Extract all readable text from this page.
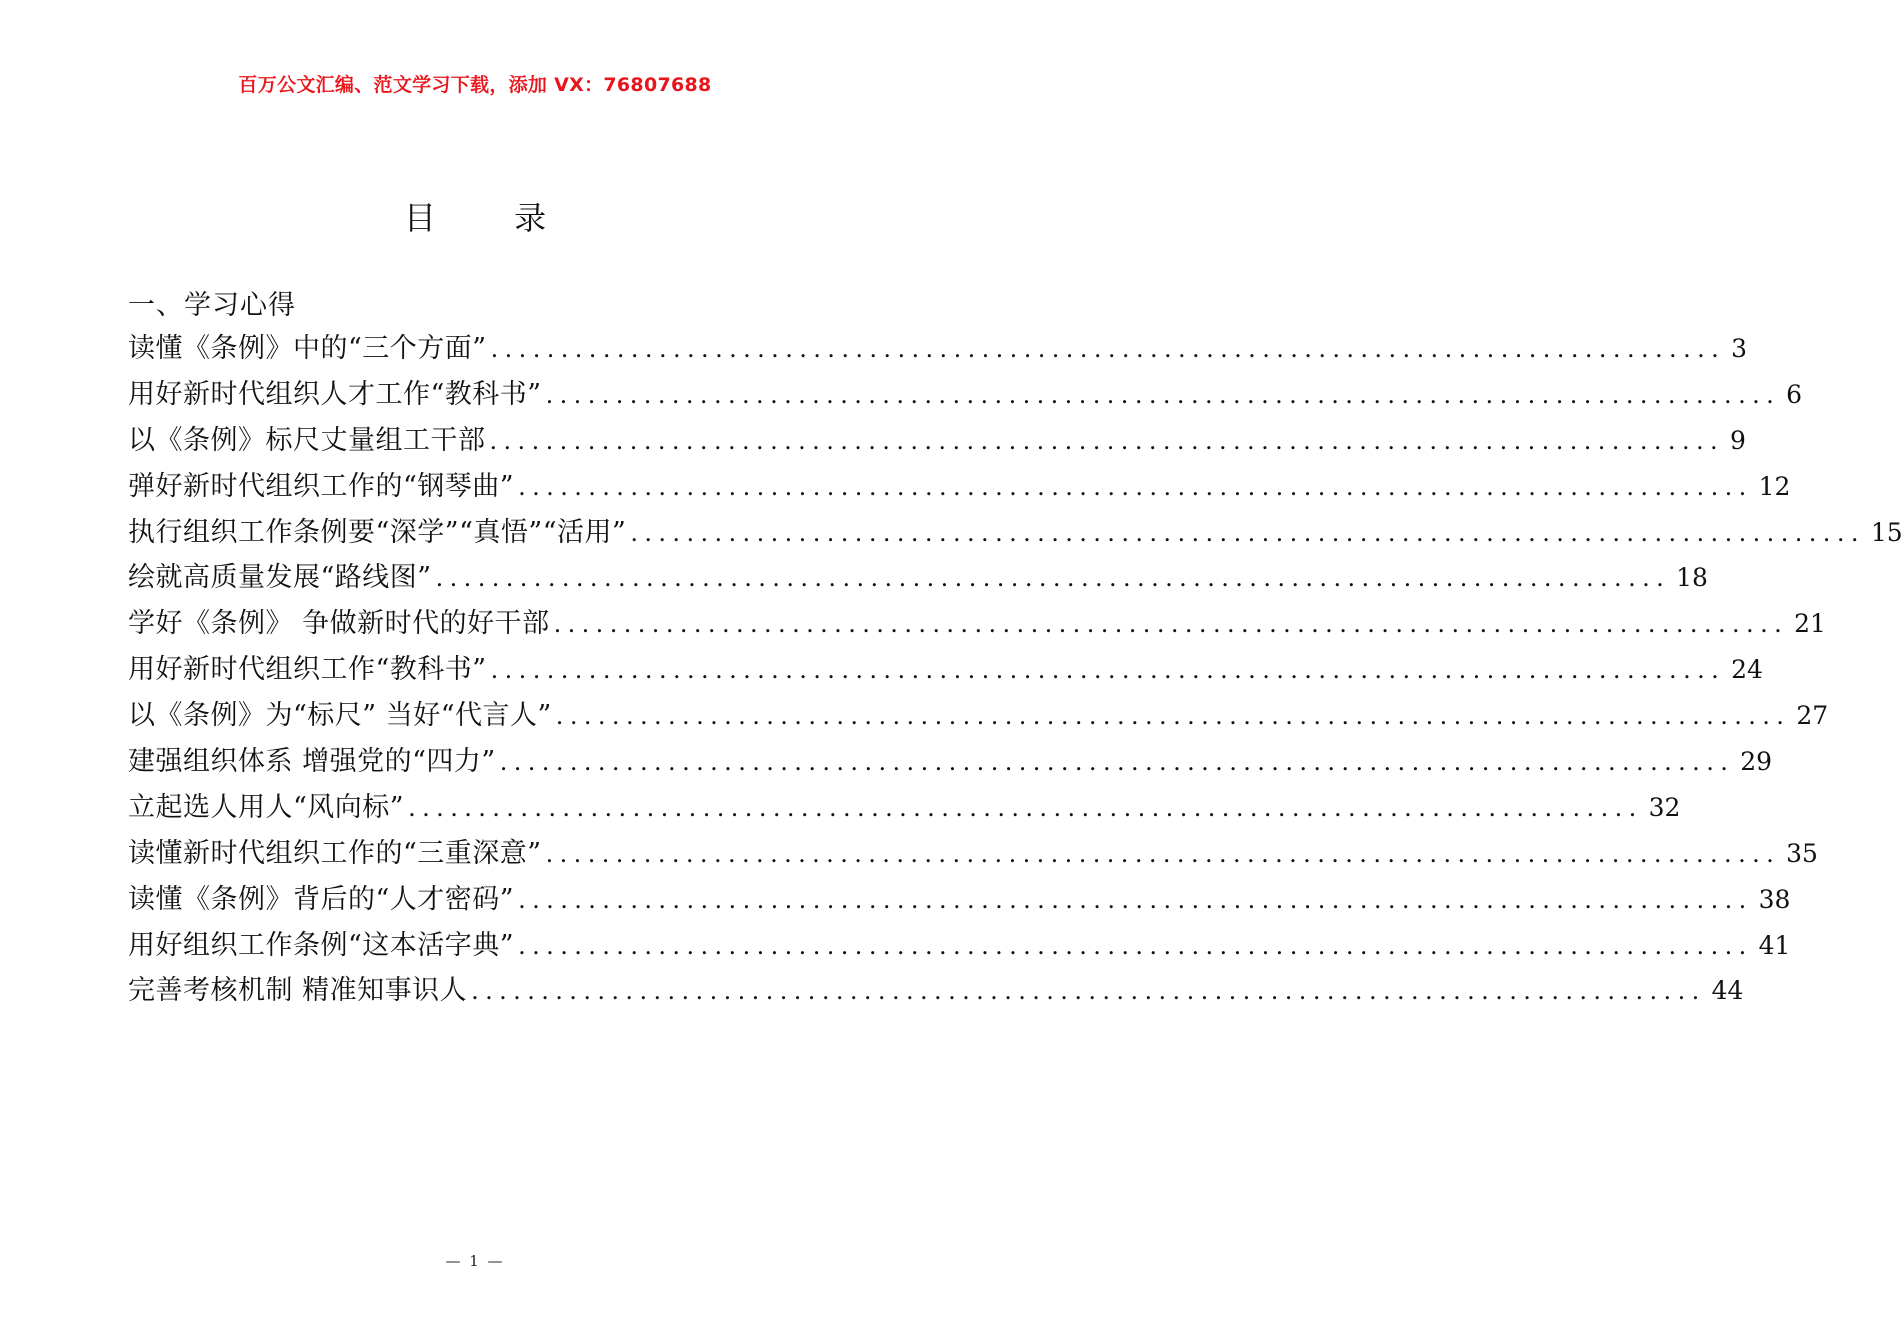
百万公文汇编、范文学习下载，添加 VX：76807688
目 录
一、学习心得
读懂《条例》中的“三个方面” ........................................................................................ 3
用好新时代组织人才工作“教科书” ........................................................................................ 6
以《条例》标尺丈量组工干部 ........................................................................................ 9
弹好新时代组织工作的“钢琴曲” ........................................................................................ 12
执行组织工作条例要“深学”“真悟”“活用” ........................................................................................ 15
绘就高质量发展“路线图” ........................................................................................ 18
学好《条例》 争做新时代的好干部 ........................................................................................ 21
用好新时代组织工作“教科书” ........................................................................................ 24
以《条例》为“标尺” 当好“代言人” ........................................................................................ 27
建强组织体系 增强党的“四力” ........................................................................................ 29
立起选人用人“风向标” ........................................................................................ 32
读懂新时代组织工作的“三重深意” ........................................................................................ 35
读懂《条例》背后的“人才密码” ........................................................................................ 38
用好组织工作条例“这本活字典” ........................................................................................ 41
完善考核机制 精准知事识人 ........................................................................................ 44
— 1 —
